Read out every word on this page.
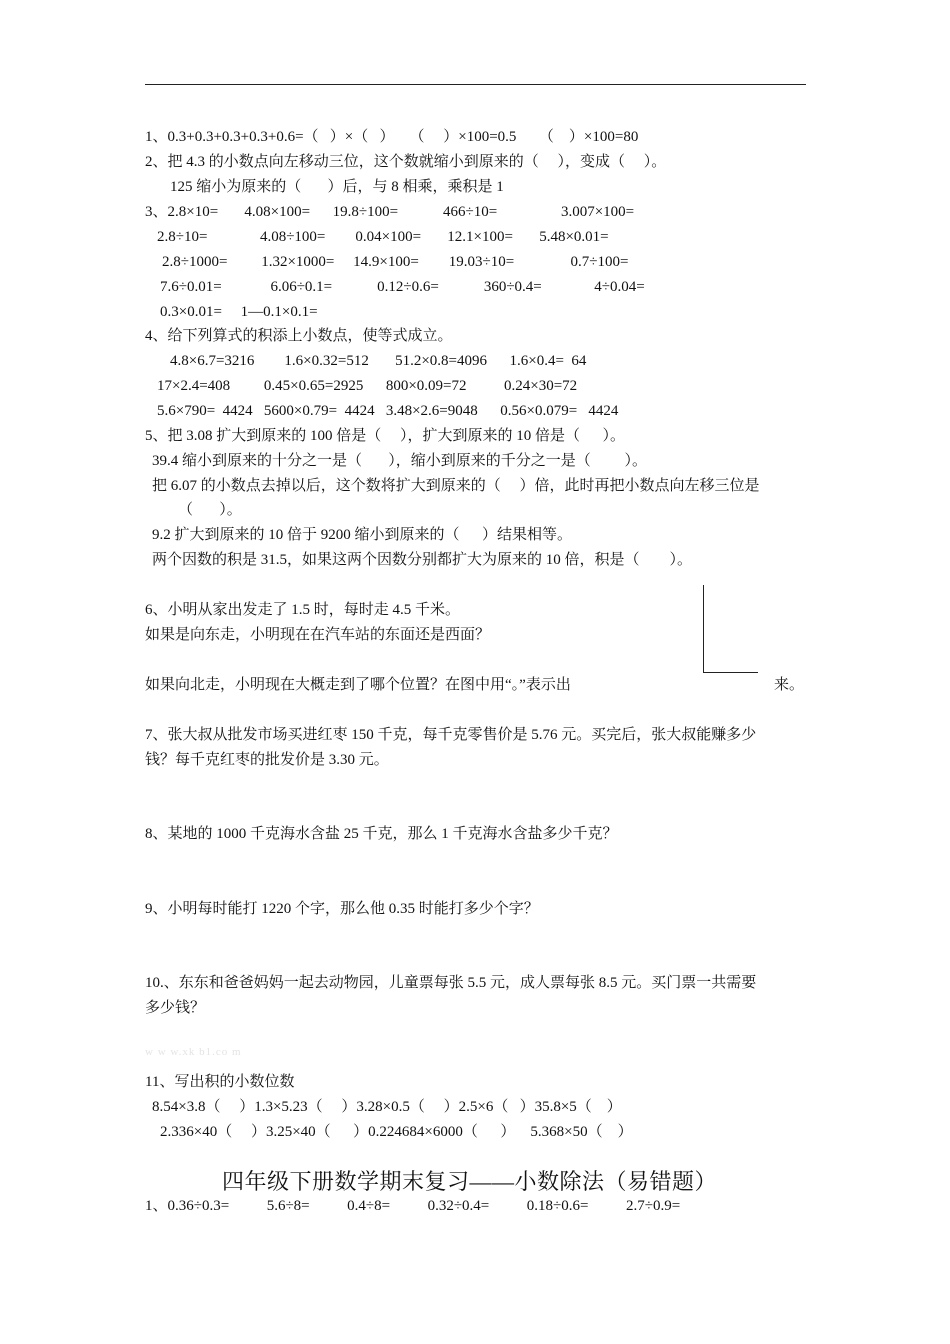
1、0.3+0.3+0.3+0.3+0.6=（   ）×（   ）    （     ）×100=0.5      （    ）×100=80
2、把 4.3 的小数点向左移动三位，这个数就缩小到原来的（     ），变成（     ）。
125 缩小为原来的（       ）后，与 8 相乘，乘积是 1
3、2.8×10=       4.08×100=      19.8÷100=            466÷10=                 3.007×100=
2.8÷10=              4.08÷100=        0.04×100=       12.1×100=       5.48×0.01=
2.8÷1000=         1.32×1000=     14.9×100=        19.03÷10=               0.7÷100=
7.6÷0.01=             6.06÷0.1=            0.12÷0.6=            360÷0.4=              4÷0.04=
0.3×0.01=     1—0.1×0.1=
4、给下列算式的积添上小数点，使等式成立。
4.8×6.7=3216        1.6×0.32=512       51.2×0.8=4096      1.6×0.4=  64
17×2.4=408         0.45×0.65=2925      800×0.09=72          0.24×30=72
5.6×790=  4424   5600×0.79=  4424   3.48×2.6=9048      0.56×0.079=   4424
5、把 3.08 扩大到原来的 100 倍是（     ），扩大到原来的 10 倍是（      ）。
39.4 缩小到原来的十分之一是（       ），缩小到原来的千分之一是（         ）。
把 6.07 的小数点去掉以后，这个数将扩大到原来的（     ）倍，此时再把小数点向左移三位是
（       ）。
9.2 扩大到原来的 10 倍于 9200 缩小到原来的（      ）结果相等。
两个因数的积是 31.5，如果这两个因数分别都扩大为原来的 10 倍，积是（        ）。
6、小明从家出发走了 1.5 时，每时走 4.5 千米。
如果是向东走，小明现在在汽车站的东面还是西面？
如果向北走，小明现在大概走到了哪个位置？在图中用“。”表示出	来。
7、张大叔从批发市场买进红枣 150 千克，每千克零售价是 5.76 元。买完后，张大叔能赚多少
钱？每千克红枣的批发价是 3.30 元。
8、某地的 1000 千克海水含盐 25 千克，那么 1 千克海水含盐多少千克？
9、小明每时能打 1220 个字，那么他 0.35 时能打多少个字？
10.、东东和爸爸妈妈一起去动物园，儿童票每张 5.5 元，成人票每张 8.5 元。买门票一共需要
多少钱？
11、写出积的小数位数
8.54×3.8（     ）1.3×5.23（     ）3.28×0.5（     ）2.5×6（   ）35.8×5（    ）
2.336×40（     ）3.25×40（      ）0.224684×6000（      ）    5.368×50（    ）
1、0.36÷0.3=          5.6÷8=          0.4÷8=          0.32÷0.4=          0.18÷0.6=          2.7÷0.9=
w w w.xk b1.co m
四年级下册数学期末复习——小数除法（易错题）
